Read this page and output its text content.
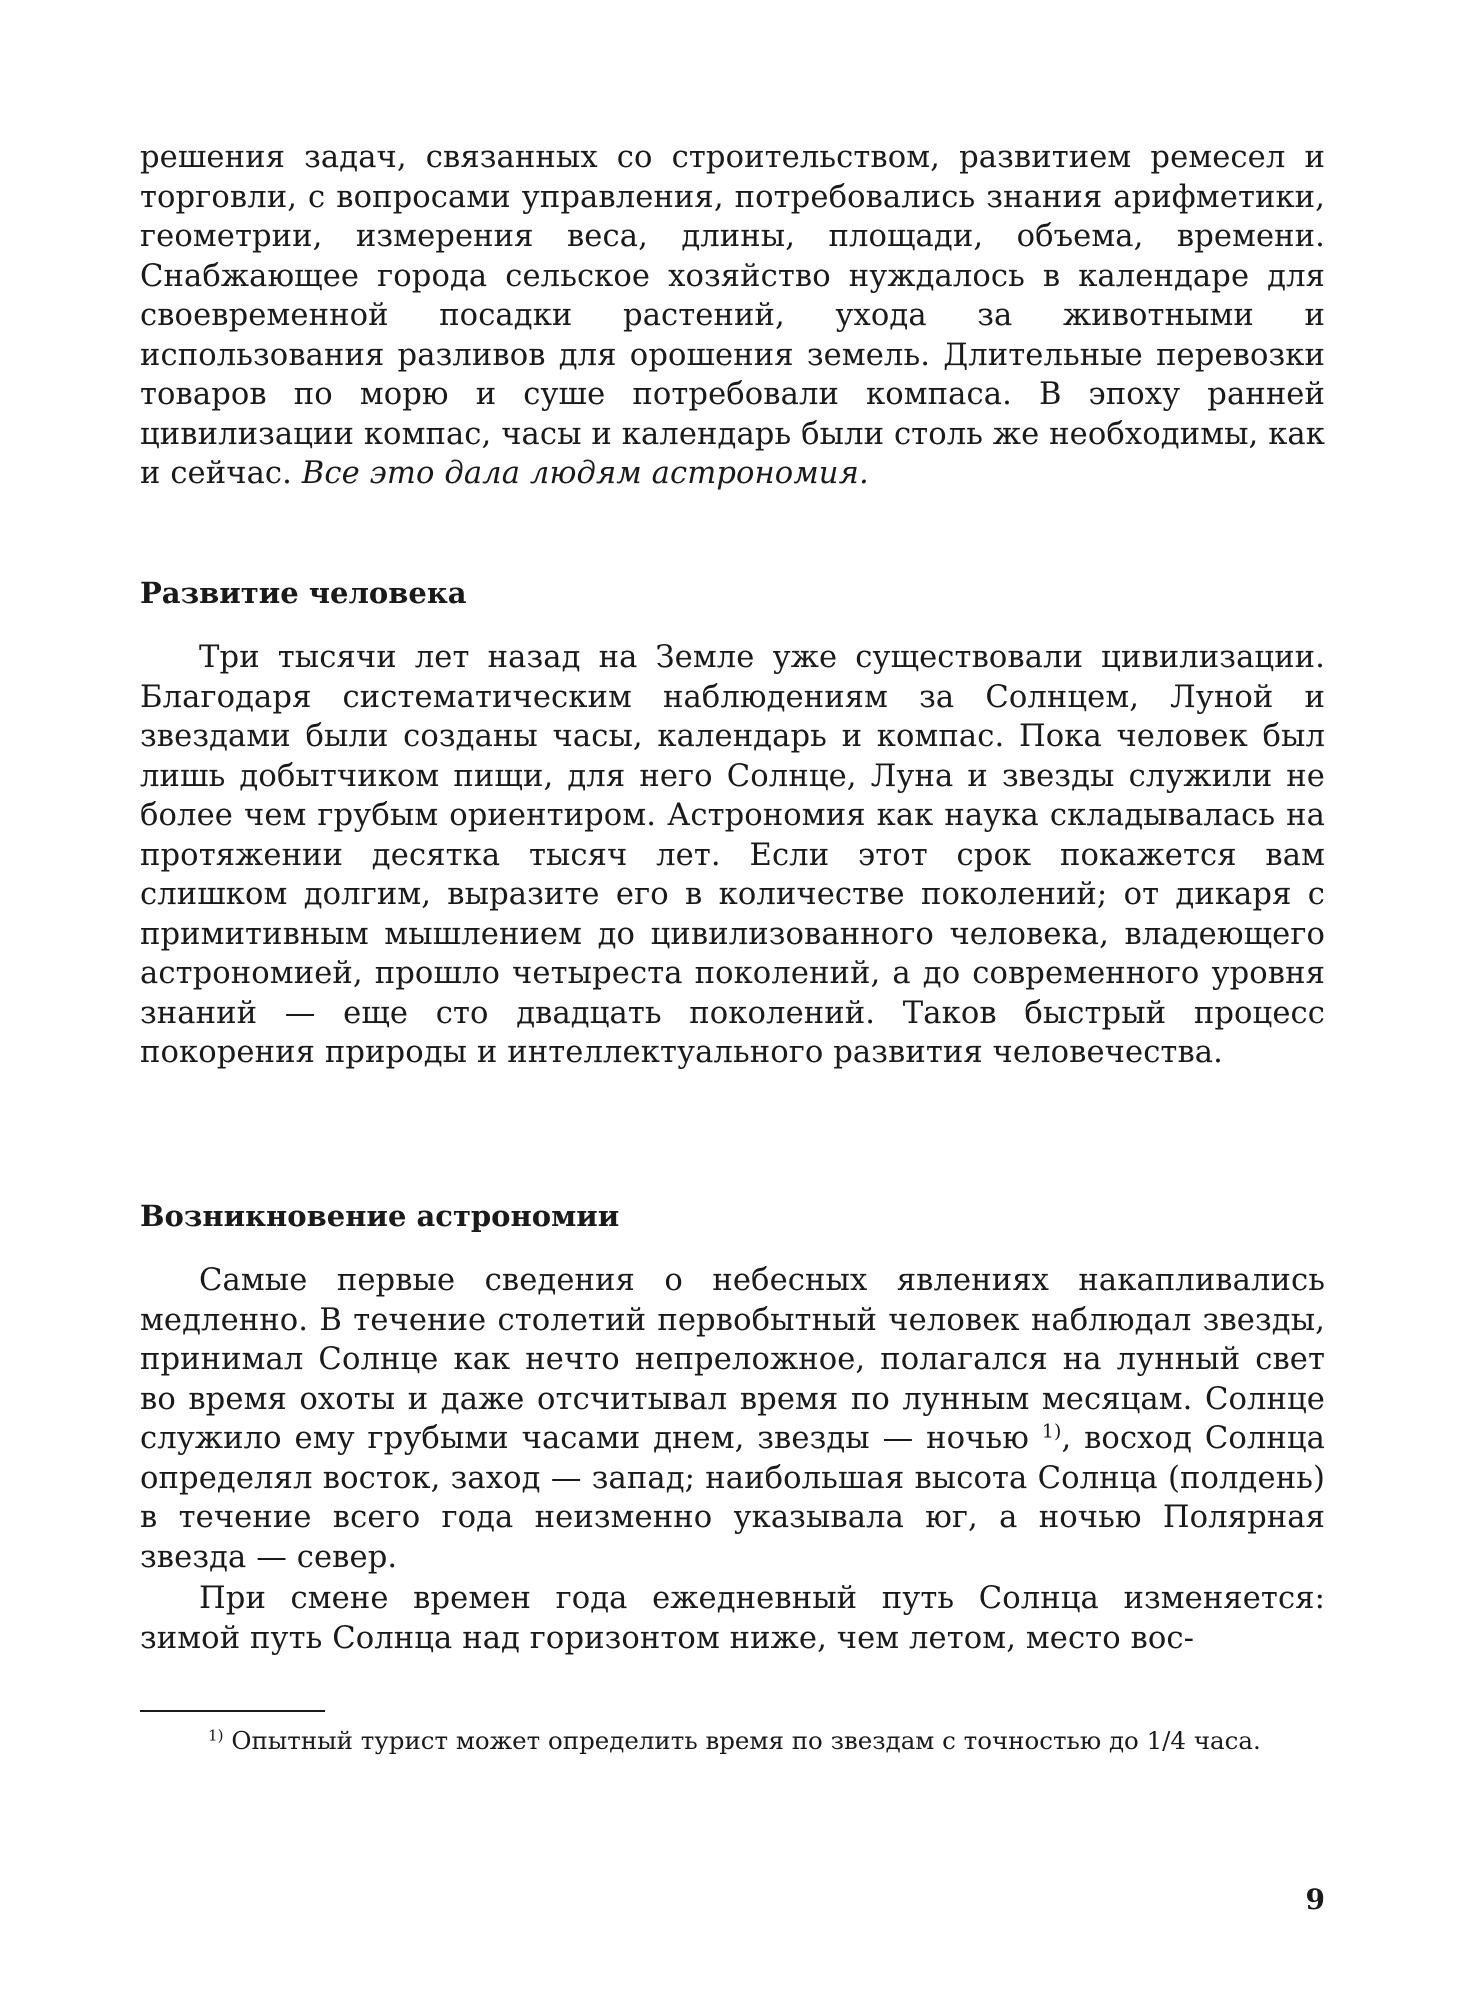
решения задач, связанных со строительством, развитием ремесел и торговли, с вопросами управления, потребовались знания арифметики, геометрии, измерения веса, длины, площади, объема, времени. Снабжающее города сельское хозяйство нуждалось в календаре для своевременной посадки растений, ухода за животными и использования разливов для орошения земель. Длительные перевозки товаров по морю и суше потребовали компаса. В эпоху ранней цивилизации компас, часы и календарь были столь же необходимы, как и сейчас. Все это дала людям астрономия.

Развитие человека

Три тысячи лет назад на Земле уже существовали цивилизации. Благодаря систематическим наблюдениям за Солнцем, Луной и звездами были созданы часы, календарь и компас. Пока человек был лишь добытчиком пищи, для него Солнце, Луна и звезды служили не более чем грубым ориентиром. Астрономия как наука складывалась на протяжении десятка тысяч лет. Если этот срок покажется вам слишком долгим, выразите его в количестве поколений; от дикаря с примитивным мышлением до цивилизованного человека, владеющего астрономией, прошло четыреста поколений, а до современного уровня знаний — еще сто двадцать поколений. Таков быстрый процесс покорения природы и интеллектуального развития человечества.

Возникновение астрономии

Самые первые сведения о небесных явлениях накапливались медленно. В течение столетий первобытный человек наблюдал звезды, принимал Солнце как нечто непреложное, полагался на лунный свет во время охоты и даже отсчитывал время по лунным месяцам. Солнце служило ему грубыми часами днем, звезды — ночью $^{1)}$, восход Солнца определял восток, заход — запад; наибольшая высота Солнца (полдень) в течение всего года неизменно указывала юг, а ночью Полярная звезда — север.

При смене времен года ежедневный путь Солнца изменяется: зимой путь Солнца над горизонтом ниже, чем летом, место вос-

$^{1)}$ Опытный турист может определить время по звездам с точностью до 1/4 часа.

9
